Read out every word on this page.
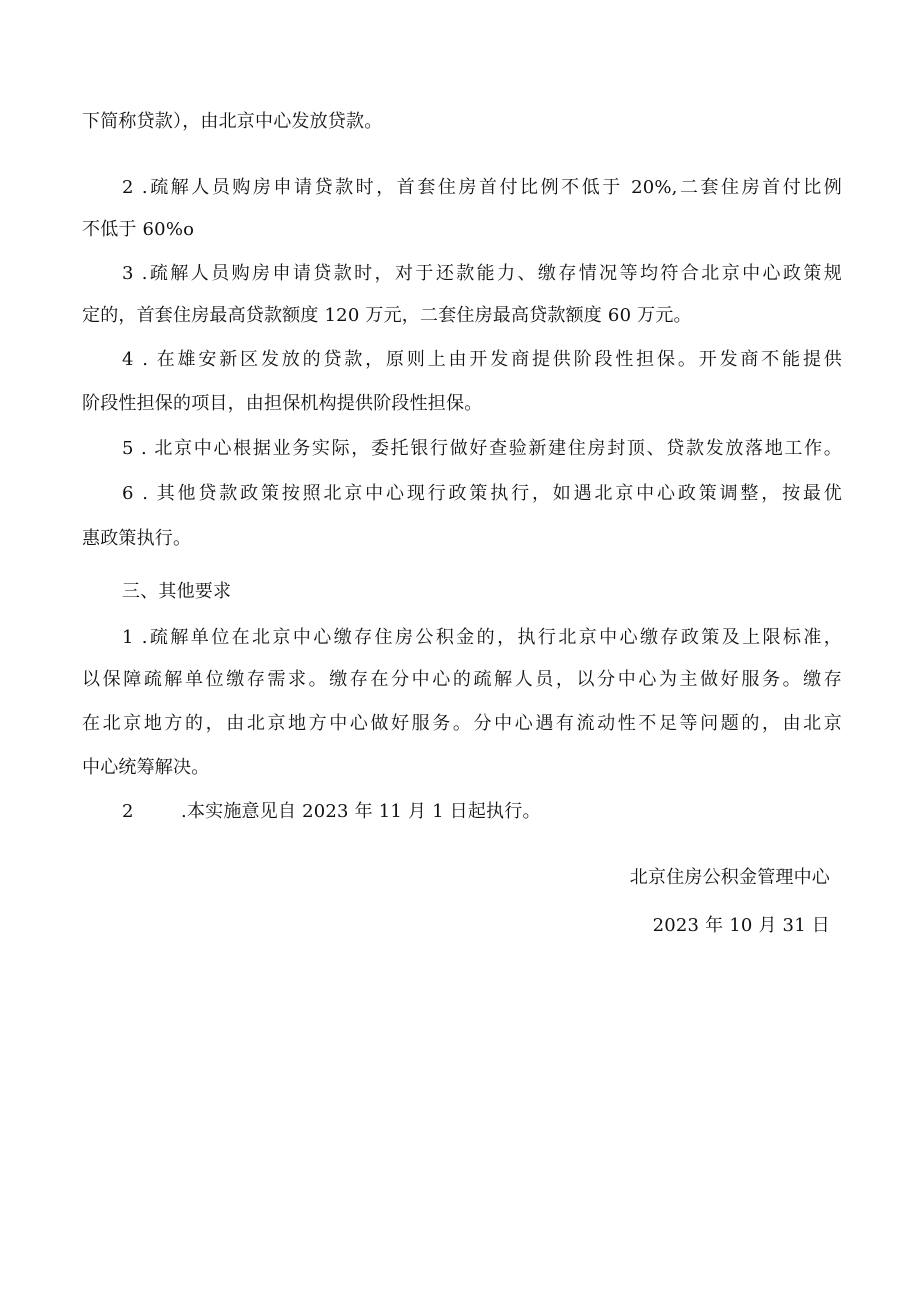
下简称贷款），由北京中心发放贷款。
2 .疏解人员购房申请贷款时，首套住房首付比例不低于 20%,二套住房首付比例
不低于 60%o
3 .疏解人员购房申请贷款时，对于还款能力、缴存情况等均符合北京中心政策规
定的，首套住房最高贷款额度 120 万元，二套住房最高贷款额度 60 万元。
4 . 在雄安新区发放的贷款，原则上由开发商提供阶段性担保。开发商不能提供
阶段性担保的项目，由担保机构提供阶段性担保。
5 . 北京中心根据业务实际，委托银行做好查验新建住房封顶、贷款发放落地工作。
6 . 其他贷款政策按照北京中心现行政策执行，如遇北京中心政策调整，按最优
惠政策执行。
三、其他要求
1 .疏解单位在北京中心缴存住房公积金的，执行北京中心缴存政策及上限标准，
以保障疏解单位缴存需求。缴存在分中心的疏解人员，以分中心为主做好服务。缴存
在北京地方的，由北京地方中心做好服务。分中心遇有流动性不足等问题的，由北京
中心统筹解决。
2        .本实施意见自 2023 年 11 月 1 日起执行。
北京住房公积金管理中心
2023 年 10 月 31 日
